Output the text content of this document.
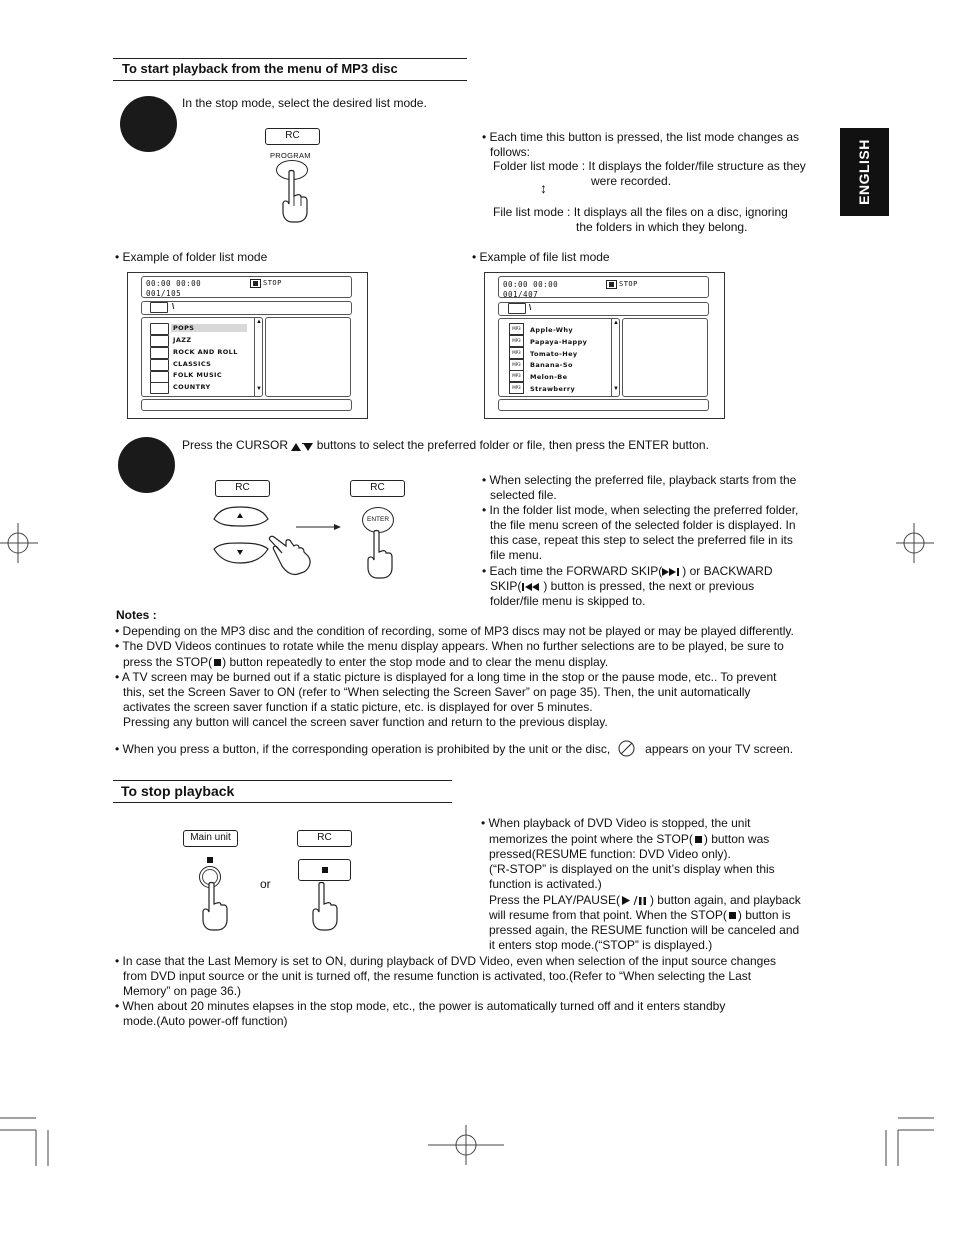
To start playback from the menu of MP3 disc
ENGLISH
In the stop mode, select the desired list mode.
RC
PROGRAM
• Each time this button is pressed, the list mode changes as
follows:
Folder list mode : It displays the folder/file structure as they
were recorded.
↕
File list mode : It displays all the files on a disc, ignoring
the folders in which they belong.
• Example of folder list mode	• Example of file list mode
00:00 00:00
001/105
STOP
\
POPS
JAZZ
ROCK AND ROLL
CLASSICS
FOLK MUSIC
COUNTRY
▲
▼
00:00 00:00
001/407
STOP
\
MP3	Apple-Why
MP3	Papaya-Happy
MP3	Tomato-Hey
MP3	Banana-So
MP3	Melon-Be
MP3	Strawberry
▲
▼
Press the CURSOR  buttons to select the preferred folder or file, then press the ENTER button.
RC	RC
ENTER
• When selecting the preferred file, playback starts from the
selected file.
• In the folder list mode, when selecting the preferred folder,
the file menu screen of the selected folder is displayed. In
this case, repeat this step to select the preferred file in its
file menu.
• Each time the FORWARD SKIP( ) or BACKWARD
SKIP( ) button is pressed, the next or previous
folder/file menu is skipped to.
Notes :
• Depending on the MP3 disc and the condition of recording, some of MP3 discs may not be played or may be played differently.
• The DVD Videos continues to rotate while the menu display appears. When no further selections are to be played, be sure to
press the STOP( ) button repeatedly to enter the stop mode and to clear the menu display.
• A TV screen may be burned out if a static picture is displayed for a long time in the stop or the pause mode, etc.. To prevent
this, set the Screen Saver to ON (refer to “When selecting the Screen Saver” on page 35). Then, the unit automatically
activates the screen saver function if a static picture, etc. is displayed for over 5 minutes.
Pressing any button will cancel the screen saver function and return to the previous display.
• When you press a button, if the corresponding operation is prohibited by the unit or the disc,	appears on your TV screen.
To stop playback
Main unit
or
RC
• When playback of DVD Video is stopped, the unit
memorizes the point where the STOP( ) button was
pressed(RESUME function: DVD Video only).
(“R-STOP” is displayed on the unit’s display when this
function is activated.)
Press the PLAY/PAUSE(	) button again, and playback
will resume from that point. When the STOP( ) button is
pressed again, the RESUME function will be canceled and
it enters stop mode.(“STOP” is displayed.)
• In case that the Last Memory is set to ON, during playback of DVD Video, even when selection of the input source changes
from DVD input source or the unit is turned off, the resume function is activated, too.(Refer to “When selecting the Last
Memory” on page 36.)
• When about 20 minutes elapses in the stop mode, etc., the power is automatically turned off and it enters standby
mode.(Auto power-off function)
